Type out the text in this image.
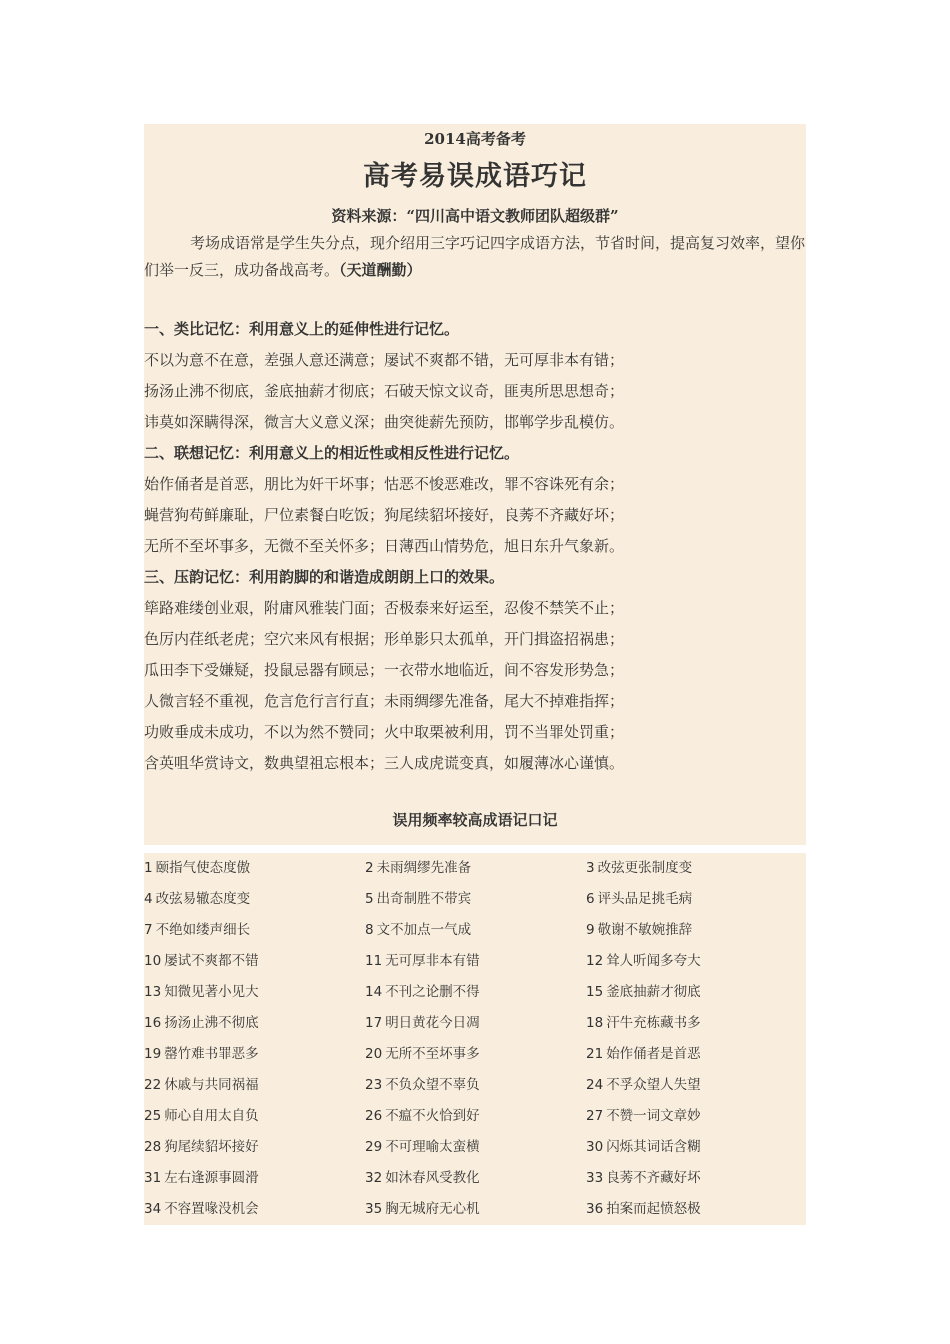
2014高考备考
高考易误成语巧记
资料来源：“四川高中语文教师团队超级群”
考场成语常是学生失分点，现介绍用三字巧记四字成语方法，节省时间，提高复习效率，望你们举一反三，成功备战高考。（天道酬勤）
一、类比记忆：利用意义上的延伸性进行记忆。
不以为意不在意，差强人意还满意；屡试不爽都不错，无可厚非本有错；
扬汤止沸不彻底，釜底抽薪才彻底；石破天惊文议奇，匪夷所思思想奇；
讳莫如深瞒得深，微言大义意义深；曲突徙薪先预防，邯郸学步乱模仿。
二、联想记忆：利用意义上的相近性或相反性进行记忆。
始作俑者是首恶，朋比为奸干坏事；怙恶不悛恶难改，罪不容诛死有余；
蝇营狗苟鲜廉耻，尸位素餐白吃饭；狗尾续貂坏接好，良莠不齐藏好坏；
无所不至坏事多，无微不至关怀多；日薄西山情势危，旭日东升气象新。
三、压韵记忆：利用韵脚的和谐造成朗朗上口的效果。
筚路难缕创业艰，附庸风雅装门面；否极泰来好运至，忍俊不禁笑不止；
色厉内荏纸老虎；空穴来风有根据；形单影只太孤单，开门揖盗招祸患；
瓜田李下受嫌疑，投鼠忌器有顾忌；一衣带水地临近，间不容发形势急；
人微言轻不重视，危言危行言行直；未雨绸缪先准备，尾大不掉难指挥；
功败垂成未成功，不以为然不赞同；火中取栗被利用，罚不当罪处罚重；
含英咀华赏诗文，数典望祖忘根本；三人成虎谎变真，如履薄冰心谨慎。
误用频率较高成语记口记
1 颐指气使态度傲	2 未雨绸缪先准备	3 改弦更张制度变
4 改弦易辙态度变	5 出奇制胜不带宾	6 评头品足挑毛病
7 不绝如缕声细长	8 文不加点一气成	9 敬谢不敏婉推辞
10 屡试不爽都不错	11 无可厚非本有错	12 耸人听闻多夸大
13 知微见著小见大	14 不刊之论删不得	15 釜底抽薪才彻底
16 扬汤止沸不彻底	17 明日黄花今日凋	18 汗牛充栋藏书多
19 罄竹难书罪恶多	20 无所不至坏事多	21 始作俑者是首恶
22 休戚与共同祸福	23 不负众望不辜负	24 不孚众望人失望
25 师心自用太自负	26 不瘟不火恰到好	27 不赞一词文章妙
28 狗尾续貂坏接好	29 不可理喻太蛮横	30 闪烁其词话含糊
31 左右逢源事圆滑	32 如沐春风受教化	33 良莠不齐藏好坏
34 不容置喙没机会	35 胸无城府无心机	36 拍案而起愤怒极
